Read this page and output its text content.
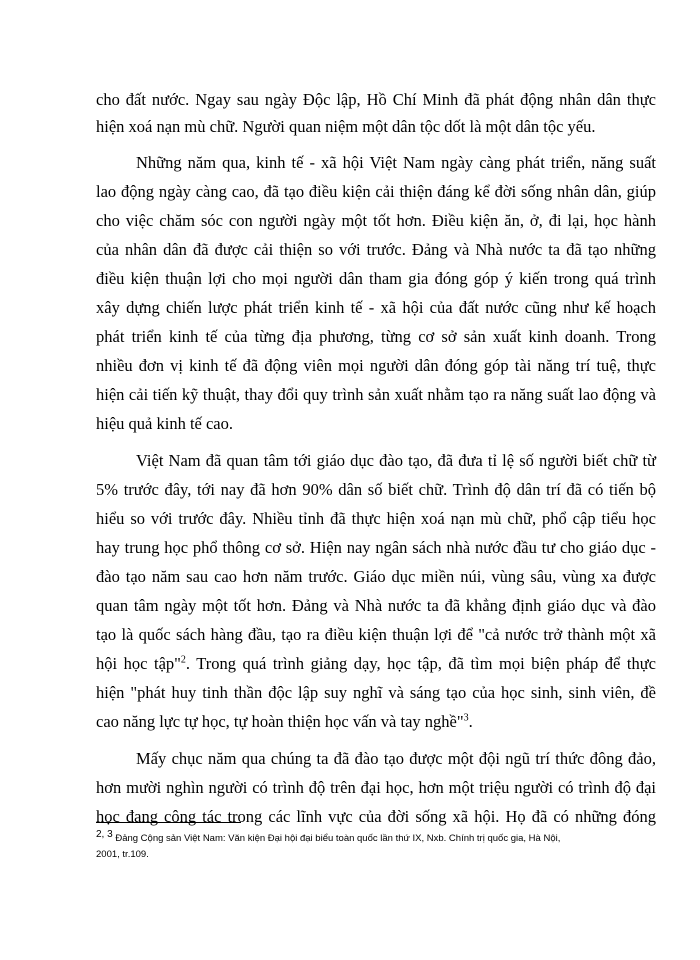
cho đất nước. Ngay sau ngày Độc lập, Hồ Chí Minh đã phát động nhân dân thực
hiện xoá nạn mù chữ. Người quan niệm một dân tộc dốt là một dân tộc yếu.
Những năm qua, kinh tế - xã hội Việt Nam ngày càng phát triển, năng suất
lao động ngày càng cao, đã tạo điều kiện cải thiện đáng kể đời sống nhân dân, giúp
cho việc chăm sóc con người ngày một tốt hơn. Điều kiện ăn, ở, đi lại, học hành
của nhân dân đã được cải thiện so với trước. Đảng và Nhà nước ta đã tạo những
điều kiện thuận lợi cho mọi người dân tham gia đóng góp ý kiến trong quá trình
xây dựng chiến lược phát triển kinh tế - xã hội của đất nước cũng như kế hoạch
phát triển kinh tế của từng địa phương, từng cơ sở sản xuất kinh doanh. Trong
nhiều đơn vị kinh tế đã động viên mọi người dân đóng góp tài năng trí tuệ, thực
hiện cải tiến kỹ thuật, thay đổi quy trình sản xuất nhằm tạo ra năng suất lao động và
hiệu quả kinh tế cao.
Việt Nam đã quan tâm tới giáo dục đào tạo, đã đưa tỉ lệ số người biết chữ từ
5% trước đây, tới nay đã hơn 90% dân số biết chữ. Trình độ dân trí đã có tiến bộ
hiểu so với trước đây. Nhiều tỉnh đã thực hiện xoá nạn mù chữ, phổ cập tiểu học
hay trung học phổ thông cơ sở. Hiện nay ngân sách nhà nước đầu tư cho giáo dục -
đào tạo năm sau cao hơn năm trước. Giáo dục miền núi, vùng sâu, vùng xa được
quan tâm ngày một tốt hơn. Đảng và Nhà nước ta đã khẳng định giáo dục và đào
tạo là quốc sách hàng đầu, tạo ra điều kiện thuận lợi để "cả nước trở thành một xã
hội học tập"$^2$. Trong quá trình giảng dạy, học tập, đã tìm mọi biện pháp để thực
hiện "phát huy tinh thần độc lập suy nghĩ và sáng tạo của học sinh, sinh viên, đề
cao năng lực tự học, tự hoàn thiện học vấn và tay nghề"$^3$.
Mấy chục năm qua chúng ta đã đào tạo được một đội ngũ trí thức đông đảo,
hơn mười nghìn người có trình độ trên đại học, hơn một triệu người có trình độ đại
học đang công tác trong các lĩnh vực của đời sống xã hội. Họ đã có những đóng
$^{2, 3}$ Đảng Cộng sản Việt Nam: Văn kiện Đại hội đại biểu toàn quốc lần thứ IX, Nxb. Chính trị quốc gia, Hà Nội,
2001, tr.109.
